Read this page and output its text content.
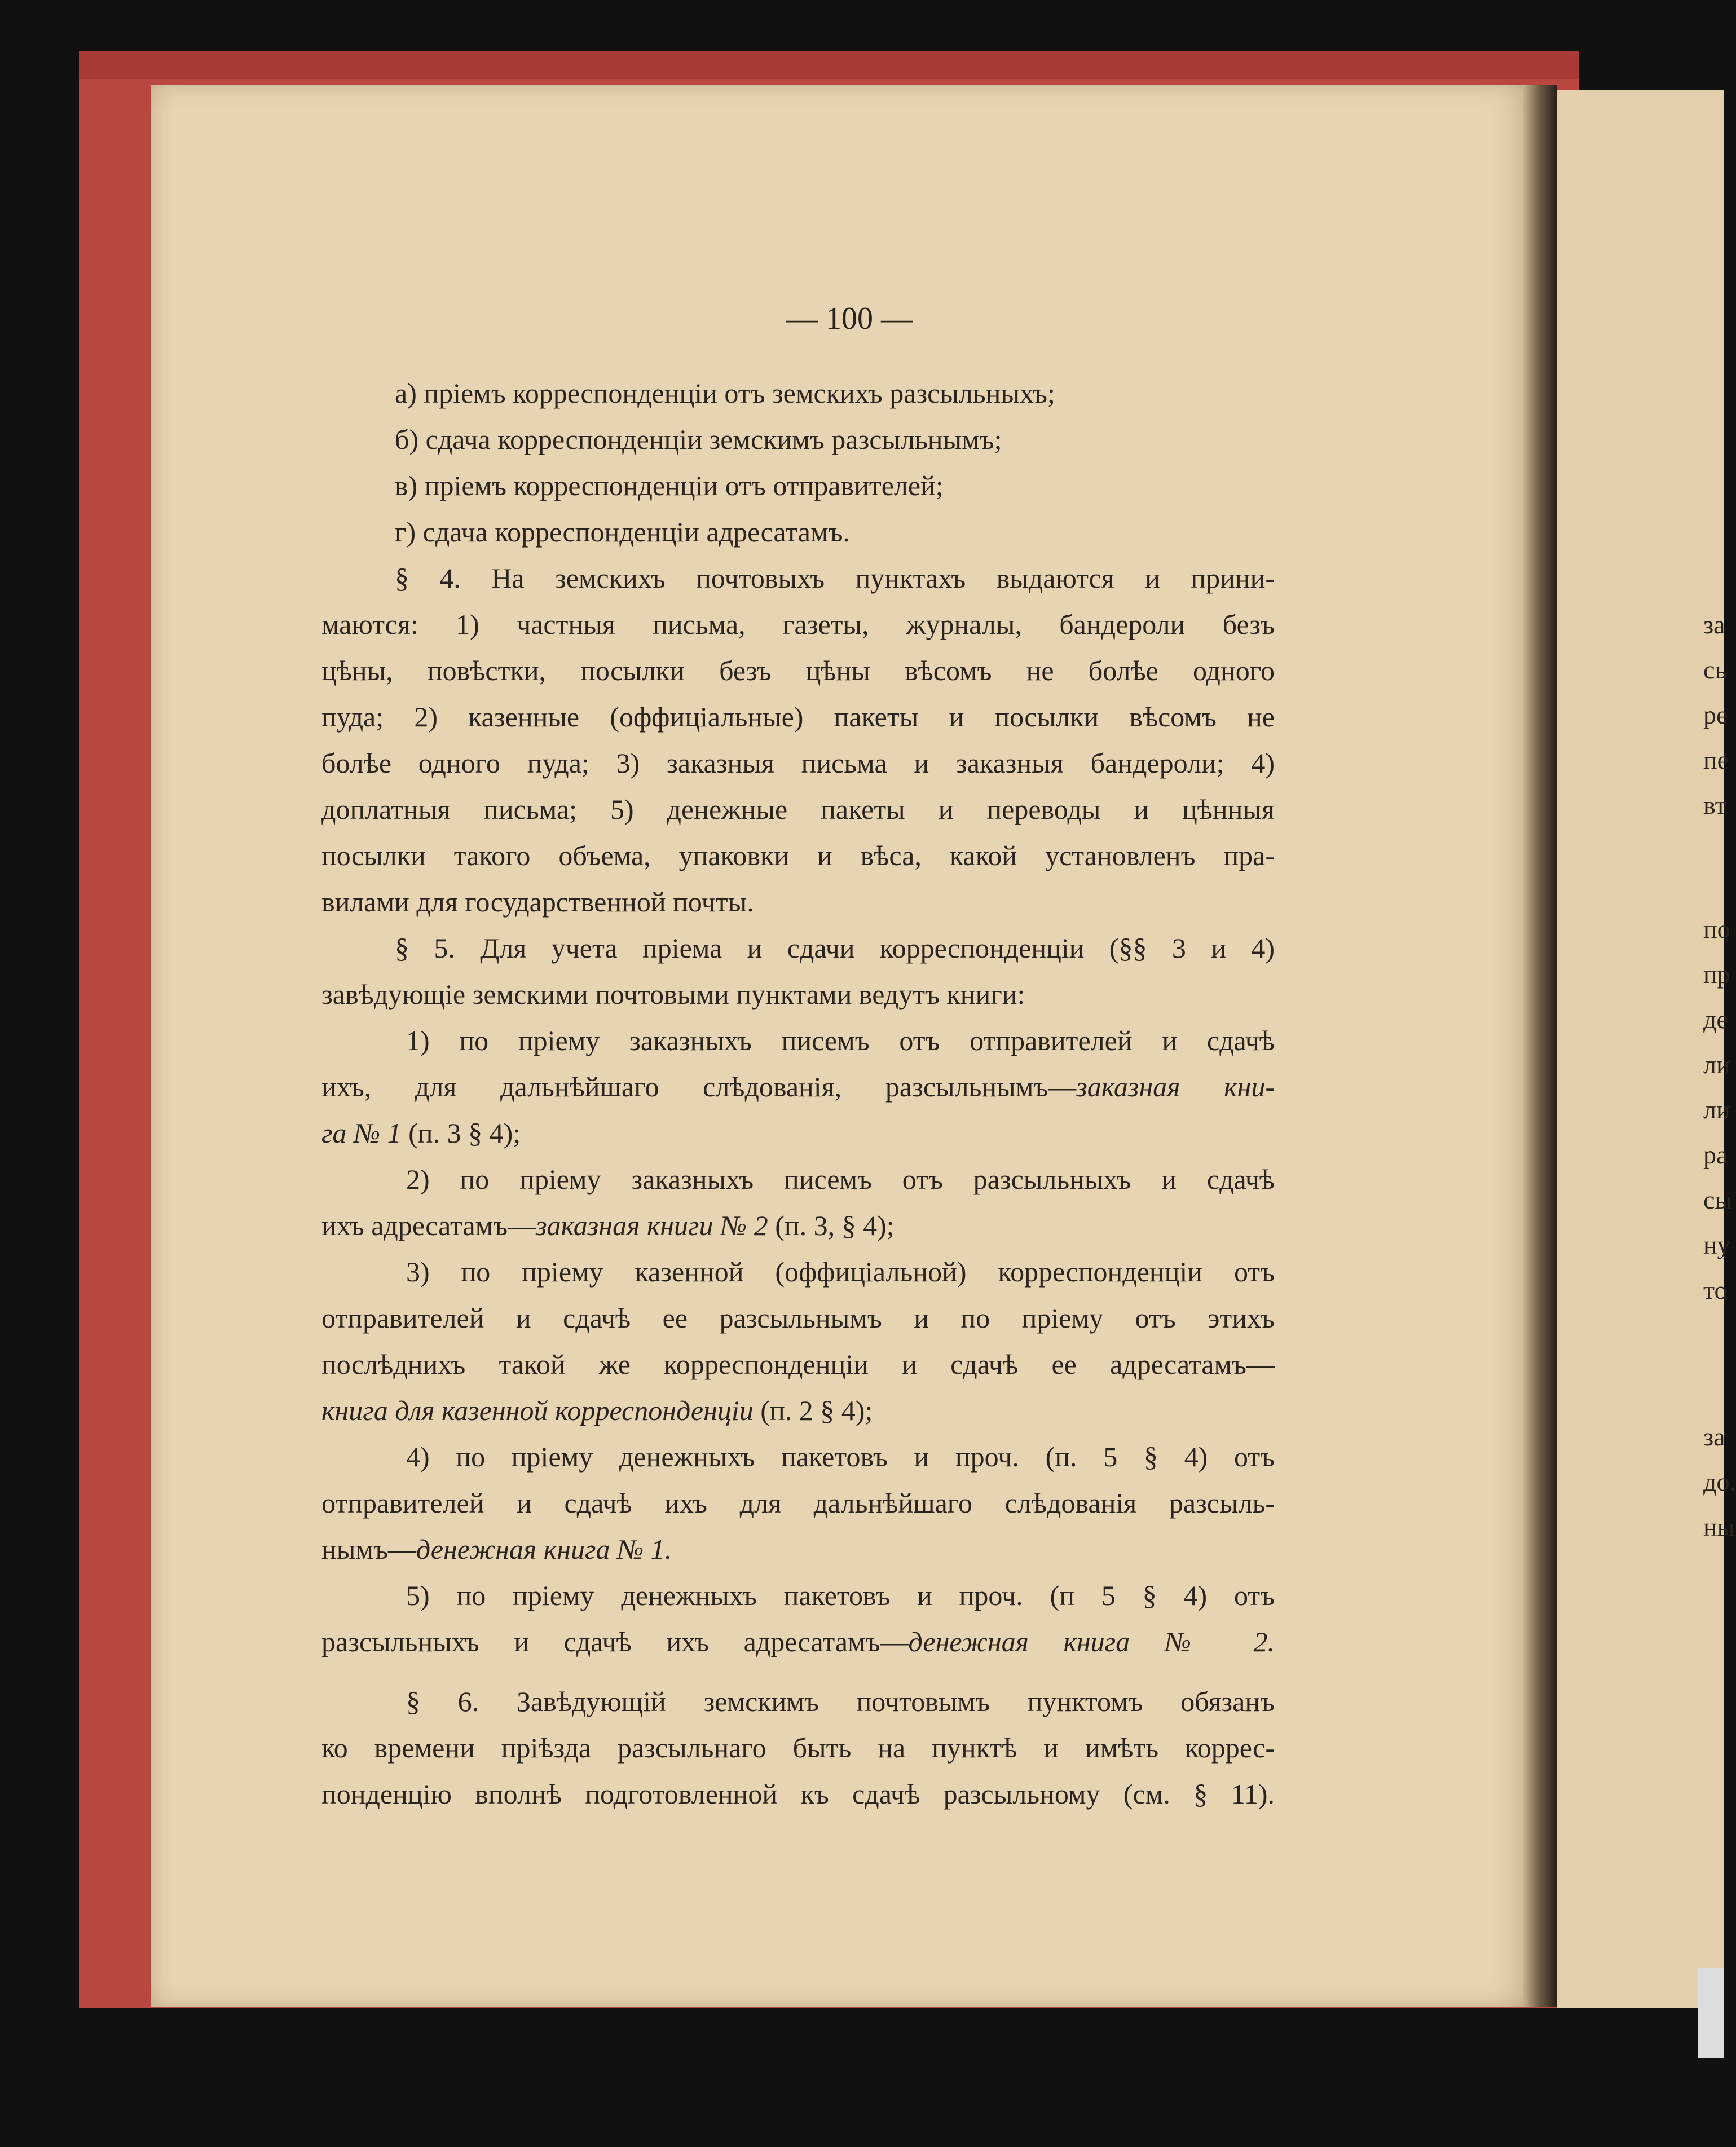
— 100 —
а) пріемъ корреспонденціи отъ земскихъ разсыльныхъ;
б) сдача корреспонденціи земскимъ разсыльнымъ;
в) пріемъ корреспонденціи отъ отправителей;
г) сдача корреспонденціи адресатамъ.
§ 4. На земскихъ почтовыхъ пунктахъ выдаются и прини-
маются: 1) частныя письма, газеты, журналы, бандероли безъ
цѣны, повѣстки, посылки безъ цѣны вѣсомъ не болѣе одного
пуда; 2) казенные (оффиціальные) пакеты и посылки вѣсомъ не
болѣе одного пуда; 3) заказныя письма и заказныя бандероли; 4)
доплатныя письма; 5) денежные пакеты и переводы и цѣнныя
посылки такого объема, упаковки и вѣса, какой установленъ пра-
вилами для государственной почты.
§ 5. Для учета пріема и сдачи корреспонденціи (§§ 3 и 4)
завѣдующіе земскими почтовыми пунктами ведутъ книги:
1) по пріему заказныхъ писемъ отъ отправителей и сдачѣ
ихъ, для дальнѣйшаго слѣдованія, разсыльнымъ—заказная кни-
га № 1 (п. 3 § 4);
2) по пріему заказныхъ писемъ отъ разсыльныхъ и сдачѣ
ихъ адресатамъ—заказная книги № 2 (п. 3, § 4);
3) по пріему казенной (оффиціальной) корреспонденціи отъ
отправителей и сдачѣ ее разсыльнымъ и по пріему отъ этихъ
послѣднихъ такой же корреспонденціи и сдачѣ ее адресатамъ—
книга для казенной корреспонденціи (п. 2 § 4);
4) по пріему денежныхъ пакетовъ и проч. (п. 5 § 4) отъ
отправителей и сдачѣ ихъ для дальнѣйшаго слѣдованія разсыль-
нымъ—денежная книга № 1.
5) по пріему денежныхъ пакетовъ и проч. (п 5 § 4) отъ
разсыльныхъ и сдачѣ ихъ адресатамъ—денежная книга № 2.
§ 6. Завѣдующій земскимъ почтовымъ пунктомъ обязанъ
ко времени пріѣзда разсыльнаго быть на пунктѣ и имѣть коррес-
понденцію вполнѣ подготовленной къ сдачѣ разсыльному (см. § 11).
за
сь
ре
пе
вт
по
пр
де
ли
ли
ра
сы
ну
то
за
до.
ны
